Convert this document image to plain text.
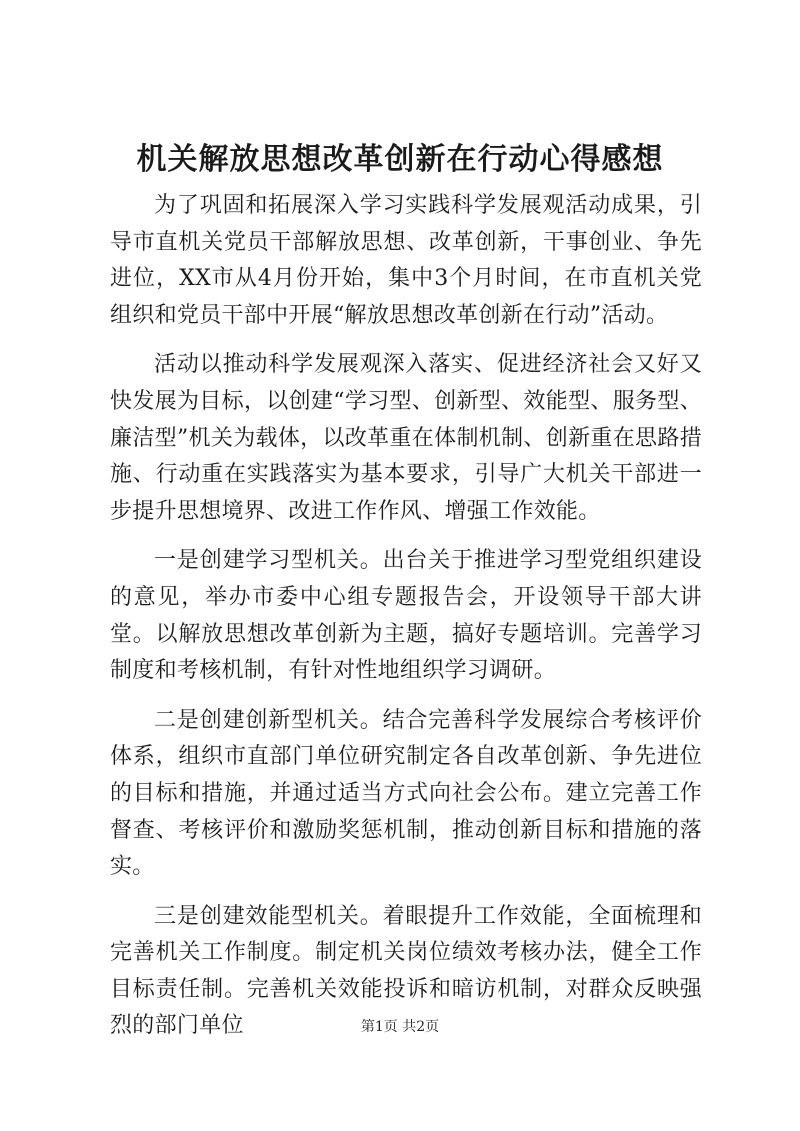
机关解放思想改革创新在行动心得感想

为了巩固和拓展深入学习实践科学发展观活动成果，引导市直机关党员干部解放思想、改革创新，干事创业、争先进位，XX市从4月份开始，集中3个月时间，在市直机关党组织和党员干部中开展“解放思想改革创新在行动”活动。

活动以推动科学发展观深入落实、促进经济社会又好又快发展为目标，以创建“学习型、创新型、效能型、服务型、廉洁型”机关为载体，以改革重在体制机制、创新重在思路措施、行动重在实践落实为基本要求，引导广大机关干部进一步提升思想境界、改进工作作风、增强工作效能。

一是创建学习型机关。出台关于推进学习型党组织建设的意见，举办市委中心组专题报告会，开设领导干部大讲堂。以解放思想改革创新为主题，搞好专题培训。完善学习制度和考核机制，有针对性地组织学习调研。

二是创建创新型机关。结合完善科学发展综合考核评价体系，组织市直部门单位研究制定各自改革创新、争先进位的目标和措施，并通过适当方式向社会公布。建立完善工作督查、考核评价和激励奖惩机制，推动创新目标和措施的落实。

三是创建效能型机关。着眼提升工作效能，全面梳理和完善机关工作制度。制定机关岗位绩效考核办法，健全工作目标责任制。完善机关效能投诉和暗访机制，对群众反映强烈的部门单位	第1页 共2页
